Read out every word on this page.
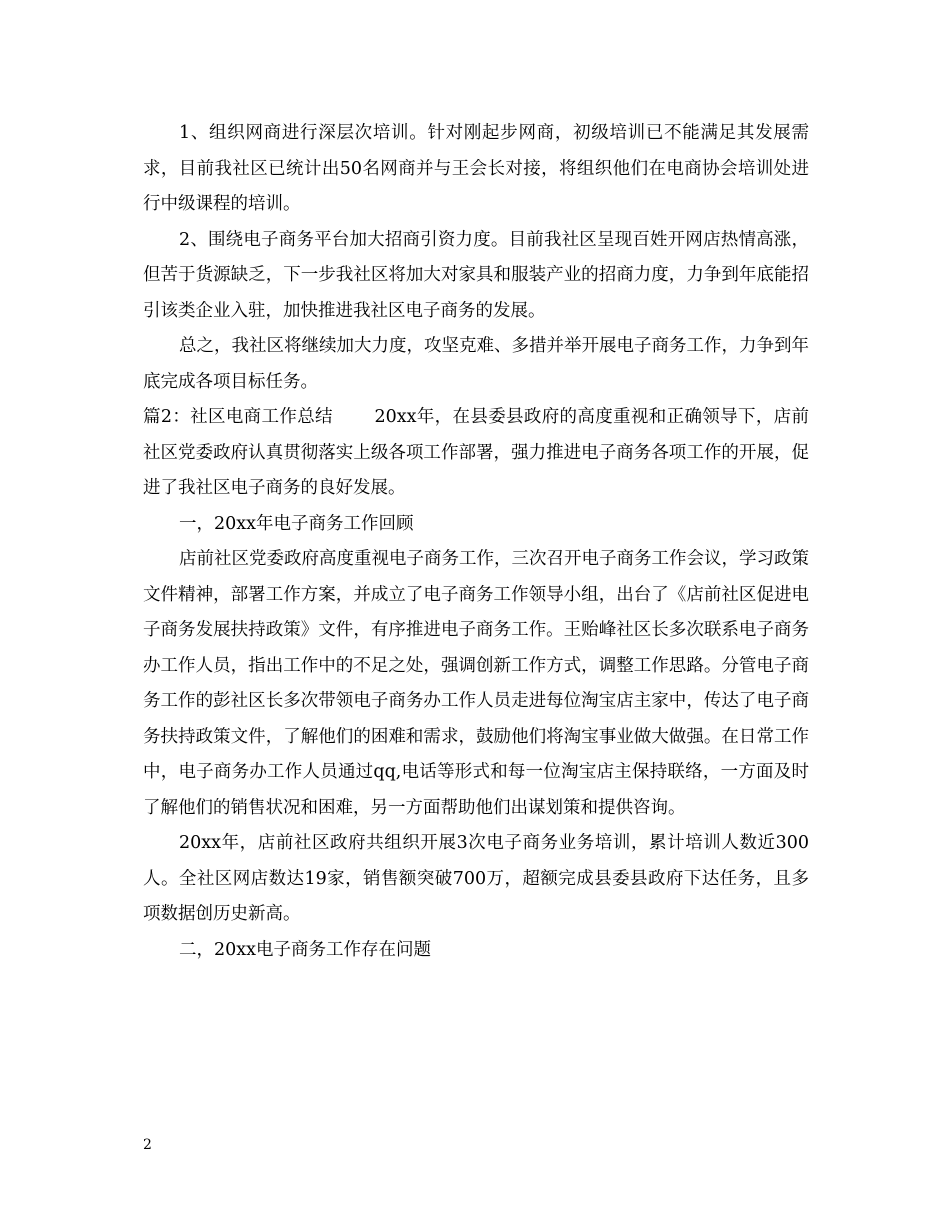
1、组织网商进行深层次培训。针对刚起步网商，初级培训已不能满足其发展需求，目前我社区已统计出50名网商并与王会长对接，将组织他们在电商协会培训处进行中级课程的培训。

2、围绕电子商务平台加大招商引资力度。目前我社区呈现百姓开网店热情高涨，但苦于货源缺乏，下一步我社区将加大对家具和服装产业的招商力度，力争到年底能招引该类企业入驻，加快推进我社区电子商务的发展。

总之，我社区将继续加大力度，攻坚克难、多措并举开展电子商务工作，力争到年底完成各项目标任务。

篇2：社区电商工作总结　　 20xx年，在县委县政府的高度重视和正确领导下，店前社区党委政府认真贯彻落实上级各项工作部署，强力推进电子商务各项工作的开展，促进了我社区电子商务的良好发展。

一，20xx年电子商务工作回顾

店前社区党委政府高度重视电子商务工作，三次召开电子商务工作会议，学习政策文件精神，部署工作方案，并成立了电子商务工作领导小组，出台了《店前社区促进电子商务发展扶持政策》文件，有序推进电子商务工作。王贻峰社区长多次联系电子商务办工作人员，指出工作中的不足之处，强调创新工作方式，调整工作思路。分管电子商务工作的彭社区长多次带领电子商务办工作人员走进每位淘宝店主家中，传达了电子商务扶持政策文件，了解他们的困难和需求，鼓励他们将淘宝事业做大做强。在日常工作中，电子商务办工作人员通过qq,电话等形式和每一位淘宝店主保持联络，一方面及时了解他们的销售状况和困难，另一方面帮助他们出谋划策和提供咨询。

20xx年，店前社区政府共组织开展3次电子商务业务培训，累计培训人数近300人。全社区网店数达19家，销售额突破700万，超额完成县委县政府下达任务，且多项数据创历史新高。

二，20xx电子商务工作存在问题

2
